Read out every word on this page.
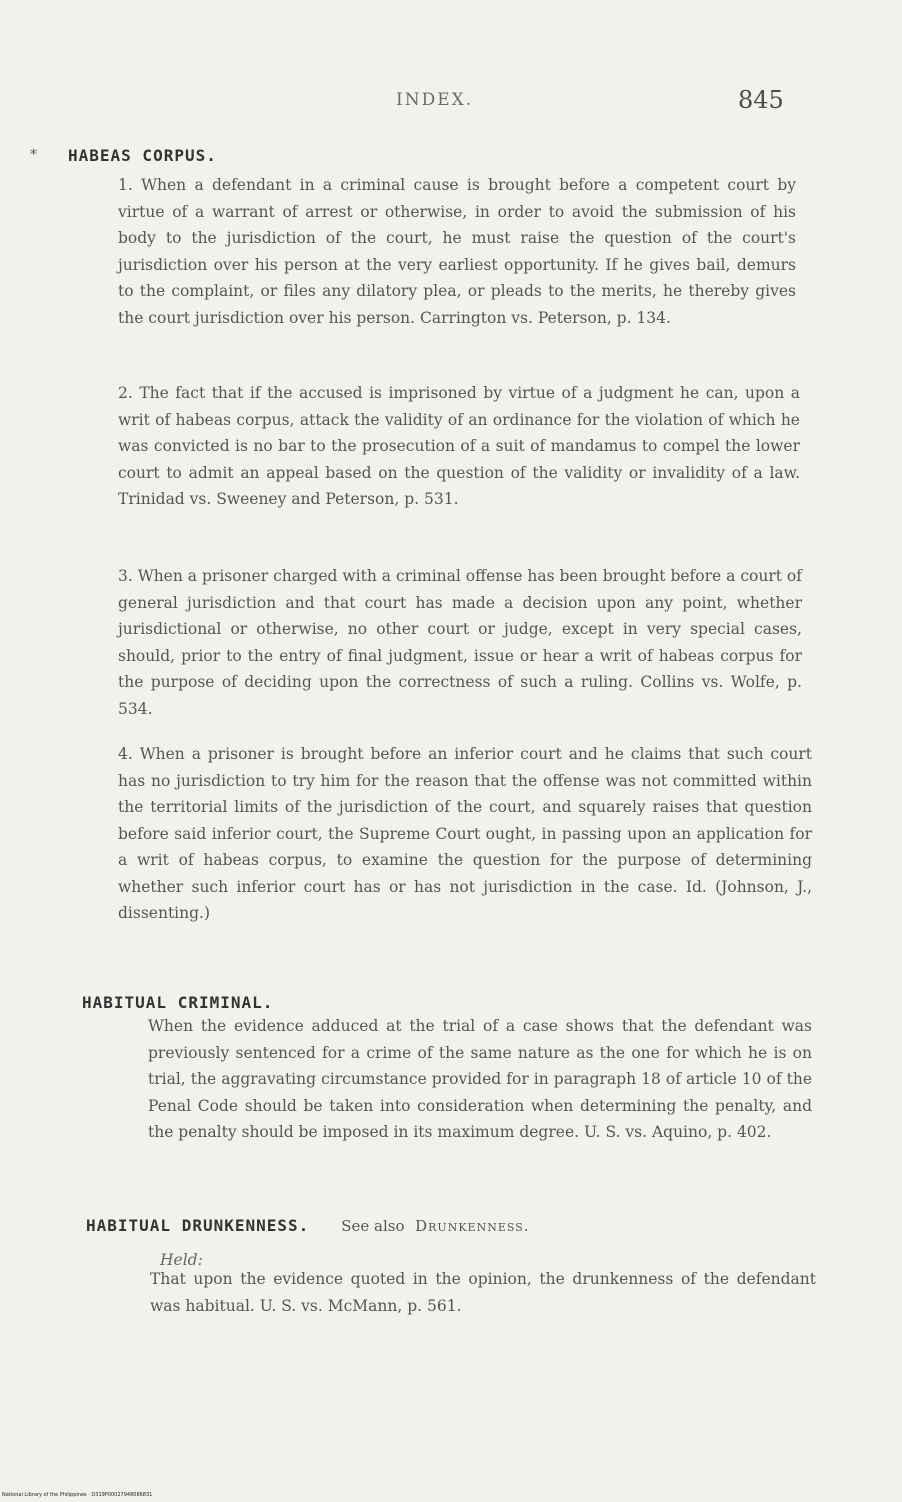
INDEX.	845
* HABEAS CORPUS.
1. When a defendant in a criminal cause is brought before a competent court by virtue of a warrant of arrest or otherwise, in order to avoid the submission of his body to the jurisdiction of the court, he must raise the question of the court's jurisdiction over his person at the very earliest opportunity. If he gives bail, demurs to the complaint, or files any dilatory plea, or pleads to the merits, he thereby gives the court jurisdiction over his person. Carrington vs. Peterson, p. 134.
2. The fact that if the accused is imprisoned by virtue of a judgment he can, upon a writ of habeas corpus, attack the validity of an ordinance for the violation of which he was convicted is no bar to the prosecution of a suit of mandamus to compel the lower court to admit an appeal based on the question of the validity or invalidity of a law. Trinidad vs. Sweeney and Peterson, p. 531.
3. When a prisoner charged with a criminal offense has been brought before a court of general jurisdiction and that court has made a decision upon any point, whether jurisdictional or otherwise, no other court or judge, except in very special cases, should, prior to the entry of final judgment, issue or hear a writ of habeas corpus for the purpose of deciding upon the correctness of such a ruling. Collins vs. Wolfe, p. 534.
4. When a prisoner is brought before an inferior court and he claims that such court has no jurisdiction to try him for the reason that the offense was not committed within the territorial limits of the jurisdiction of the court, and squarely raises that question before said inferior court, the Supreme Court ought, in passing upon an application for a writ of habeas corpus, to examine the question for the purpose of determining whether such inferior court has or has not jurisdiction in the case. Id. (Johnson, J., dissenting.)
HABITUAL CRIMINAL.
When the evidence adduced at the trial of a case shows that the defendant was previously sentenced for a crime of the same nature as the one for which he is on trial, the aggravating circumstance provided for in paragraph 18 of article 10 of the Penal Code should be taken into consideration when determining the penalty, and the penalty should be imposed in its maximum degree. U. S. vs. Aquino, p. 402.
HABITUAL DRUNKENNESS. See also Drunkenness.
Held:
That upon the evidence quoted in the opinion, the drunkenness of the defendant was habitual. U. S. vs. McMann, p. 561.
National Library of the Philippines · D319P00027948086831
